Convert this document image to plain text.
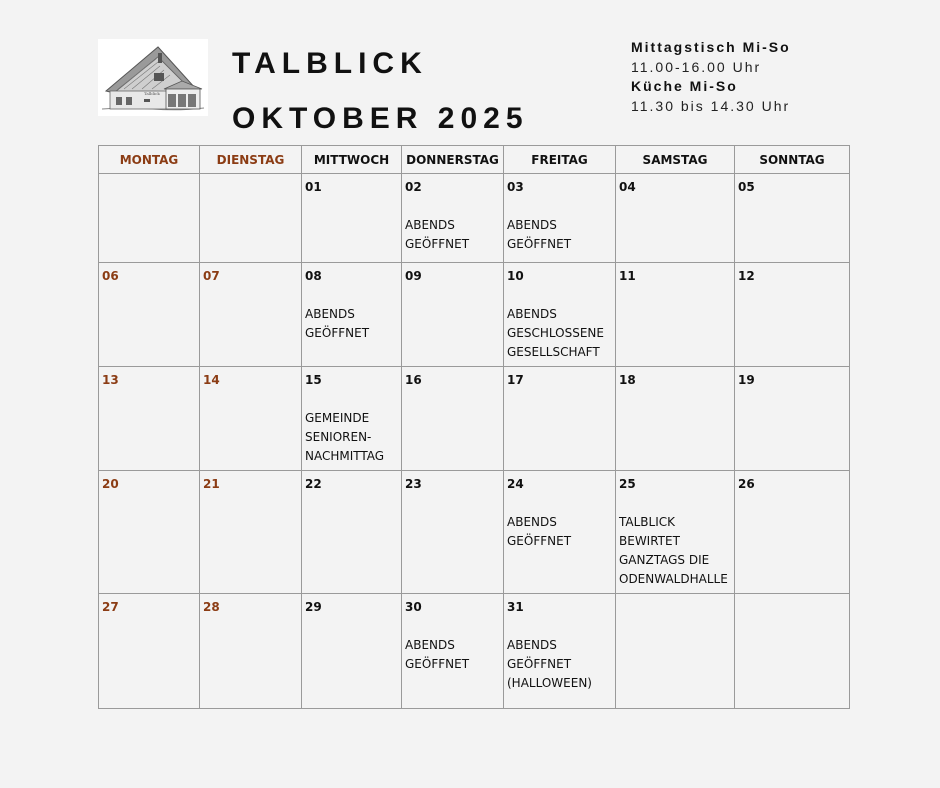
Talblick
TALBLICK
OKTOBER 2025
Mittagstisch Mi-So
11.00-16.00 Uhr
Küche Mi-So
11.30 bis 14.30 Uhr
MONTAG	DIENSTAG	MITTWOCH	DONNERSTAG	FREITAG	SAMSTAG	SONNTAG

		01	02
ABENDS
GEÖFFNET	03
ABENDS
GEÖFFNET	04	05

06	07	08
ABENDS
GEÖFFNET	09	10
ABENDS
GESCHLOSSENE
GESELLSCHAFT	11	12

13	14	15
GEMEINDE
SENIOREN-
NACHMITTAG	16	17	18	19

20	21	22	23	24
ABENDS
GEÖFFNET	25
TALBLICK
BEWIRTET
GANZTAGS DIE
ODENWALDHALLE	26

27	28	29	30
ABENDS
GEÖFFNET	31
ABENDS
GEÖFFNET
(HALLOWEEN)		
